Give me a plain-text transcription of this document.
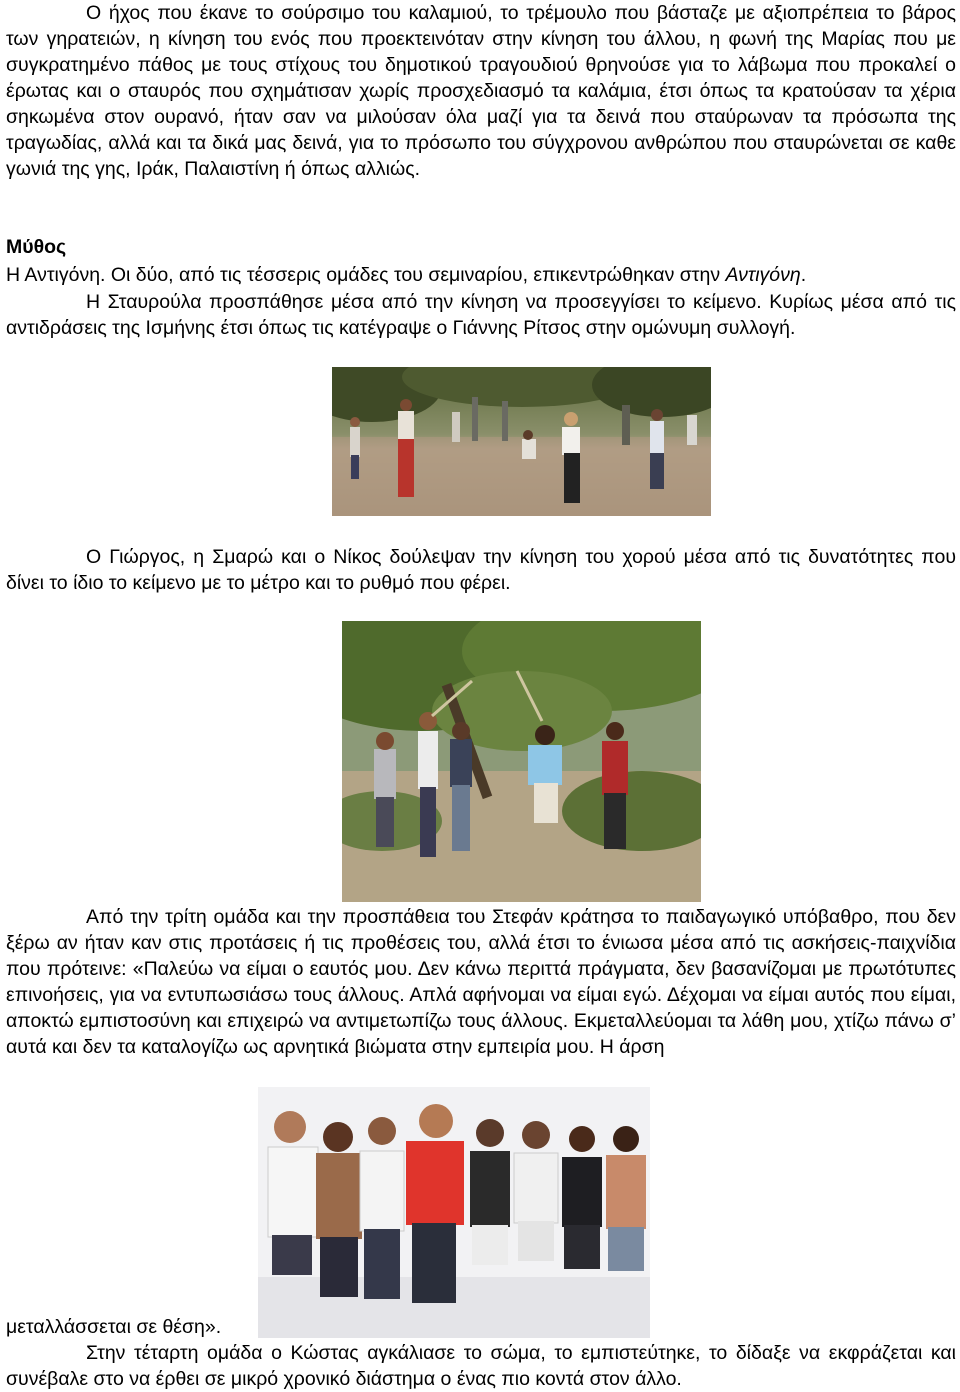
Ο ήχος που έκανε το σούρσιμο του καλαμιού, το τρέμουλο που βάσταζε με αξιοπρέπεια το βάρος των γηρατειών, η κίνηση του ενός που προεκτεινόταν στην κίνηση του άλλου, η φωνή της Μαρίας που με συγκρατημένο πάθος με τους στίχους του δημοτικού τραγουδιού θρηνούσε για το λάβωμα που προκαλεί ο έρωτας και ο σταυρός που σχημάτισαν χωρίς προσχεδιασμό τα καλάμια, έτσι όπως τα κρατούσαν τα χέρια σηκωμένα στον ουρανό, ήταν σαν να μιλούσαν όλα μαζί για τα δεινά που σταύρωναν τα πρόσωπα της τραγωδίας, αλλά και τα δικά μας δεινά, για το πρόσωπο του σύγχρονου ανθρώπου που σταυρώνεται σε καθε γωνιά της γης, Ιράκ, Παλαιστίνη ή όπως αλλιώς.

Μύθος

Η Αντιγόνη. Οι δύο, από τις τέσσερις ομάδες του σεμιναρίου, επικεντρώθηκαν στην Αντιγόνη.

Η Σταυρούλα προσπάθησε μέσα από την κίνηση να προσεγγίσει το κείμενο. Κυρίως μέσα από τις αντιδράσεις της Ισμήνης έτσι όπως τις κατέγραψε ο Γιάννης Ρίτσος στην ομώνυμη συλλογή.

Ο Γιώργος, η Σμαρώ και ο Νίκος δούλεψαν την κίνηση του χορού μέσα από τις δυνατότητες που δίνει το ίδιο το κείμενο με το μέτρο και το ρυθμό που φέρει.

Από την τρίτη ομάδα και την προσπάθεια του Στεφάν κράτησα το παιδαγωγικό υπόβαθρο, που δεν ξέρω αν ήταν καν στις προτάσεις ή τις προθέσεις του, αλλά έτσι το ένιωσα μέσα από τις ασκήσεις-παιχνίδια που πρότεινε: «Παλεύω να είμαι ο εαυτός μου. Δεν κάνω περιττά πράγματα, δεν βασανίζομαι με πρωτότυπες επινοήσεις, για να εντυπωσιάσω τους άλλους. Απλά αφήνομαι να είμαι εγώ. Δέχομαι να είμαι αυτός που είμαι, αποκτώ εμπιστοσύνη και επιχειρώ να αντιμετωπίζω τους άλλους. Εκμεταλλεύομαι τα λάθη μου, χτίζω πάνω σ’ αυτά και δεν τα καταλογίζω ως αρνητικά βιώματα στην εμπειρία μου. Η άρση

μεταλλάσσεται σε θέση».

Στην τέταρτη ομάδα ο Κώστας αγκάλιασε το σώμα, το εμπιστεύτηκε, το δίδαξε να εκφράζεται και συνέβαλε στο να έρθει σε μικρό χρονικό διάστημα ο ένας πιο κοντά στον άλλο.
